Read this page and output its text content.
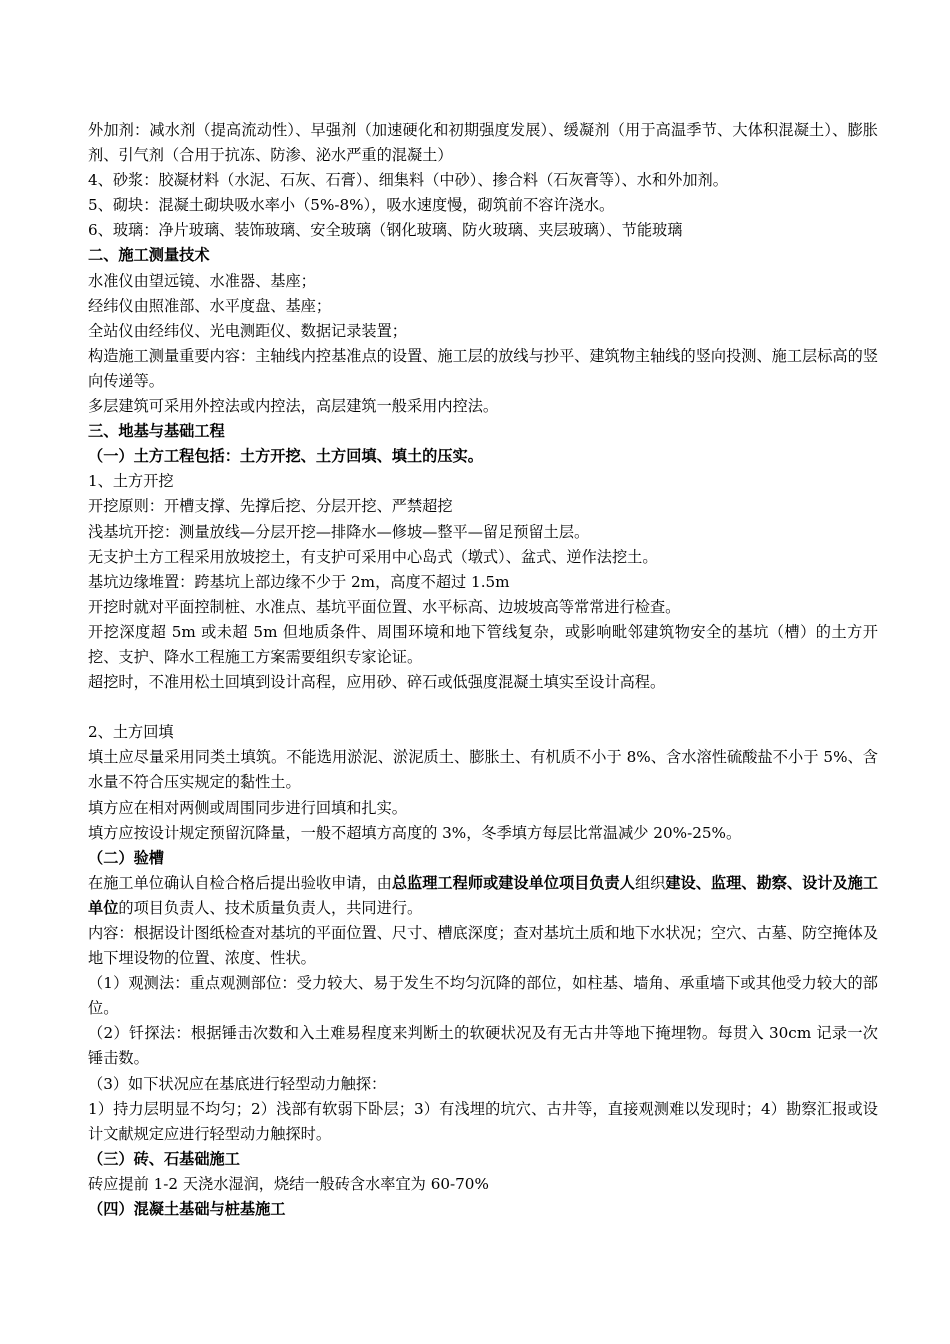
外加剂：减水剂（提高流动性）、早强剂（加速硬化和初期强度发展）、缓凝剂（用于高温季节、大体积混凝土）、膨胀剂、引气剂（合用于抗冻、防渗、泌水严重的混凝土）

4、砂浆：胶凝材料（水泥、石灰、石膏）、细集料（中砂）、掺合料（石灰膏等）、水和外加剂。

5、砌块：混凝土砌块吸水率小（5%-8%），吸水速度慢，砌筑前不容许浇水。

6、玻璃：净片玻璃、装饰玻璃、安全玻璃（钢化玻璃、防火玻璃、夹层玻璃）、节能玻璃

二、施工测量技术

水准仪由望远镜、水准器、基座；

经纬仪由照准部、水平度盘、基座；

全站仪由经纬仪、光电测距仪、数据记录装置；

构造施工测量重要内容：主轴线内控基准点的设置、施工层的放线与抄平、建筑物主轴线的竖向投测、施工层标高的竖向传递等。

多层建筑可采用外控法或内控法，高层建筑一般采用内控法。

三、地基与基础工程

（一）土方工程包括：土方开挖、土方回填、填土的压实。

1、土方开挖

开挖原则：开槽支撑、先撑后挖、分层开挖、严禁超挖

浅基坑开挖：测量放线—分层开挖—排降水—修坡—整平—留足预留土层。

无支护土方工程采用放坡挖土，有支护可采用中心岛式（墩式）、盆式、逆作法挖土。

基坑边缘堆置：跨基坑上部边缘不少于 2m，高度不超过 1.5m

开挖时就对平面控制桩、水准点、基坑平面位置、水平标高、边坡坡高等常常进行检查。

开挖深度超 5m 或未超 5m 但地质条件、周围环境和地下管线复杂，或影响毗邻建筑物安全的基坑（槽）的土方开挖、支护、降水工程施工方案需要组织专家论证。

超挖时，不准用松土回填到设计高程，应用砂、碎石或低强度混凝土填实至设计高程。

2、土方回填

填土应尽量采用同类土填筑。不能选用淤泥、淤泥质土、膨胀土、有机质不小于 8%、含水溶性硫酸盐不小于 5%、含水量不符合压实规定的黏性土。

填方应在相对两侧或周围同步进行回填和扎实。

填方应按设计规定预留沉降量，一般不超填方高度的 3%，冬季填方每层比常温减少 20%-25%。

（二）验槽

在施工单位确认自检合格后提出验收申请，由总监理工程师或建设单位项目负责人组织建设、监理、勘察、设计及施工单位的项目负责人、技术质量负责人，共同进行。

内容：根据设计图纸检查对基坑的平面位置、尺寸、槽底深度；查对基坑土质和地下水状况；空穴、古墓、防空掩体及地下埋设物的位置、浓度、性状。

（1）观测法：重点观测部位：受力较大、易于发生不均匀沉降的部位，如柱基、墙角、承重墙下或其他受力较大的部位。

（2）钎探法：根据锤击次数和入土难易程度来判断土的软硬状况及有无古井等地下掩埋物。每贯入 30cm 记录一次锤击数。

（3）如下状况应在基底进行轻型动力触探：

1）持力层明显不均匀；2）浅部有软弱下卧层；3）有浅埋的坑穴、古井等，直接观测难以发现时；4）勘察汇报或设计文献规定应进行轻型动力触探时。

（三）砖、石基础施工

砖应提前 1-2 天浇水湿润，烧结一般砖含水率宜为 60-70%

（四）混凝土基础与桩基施工
